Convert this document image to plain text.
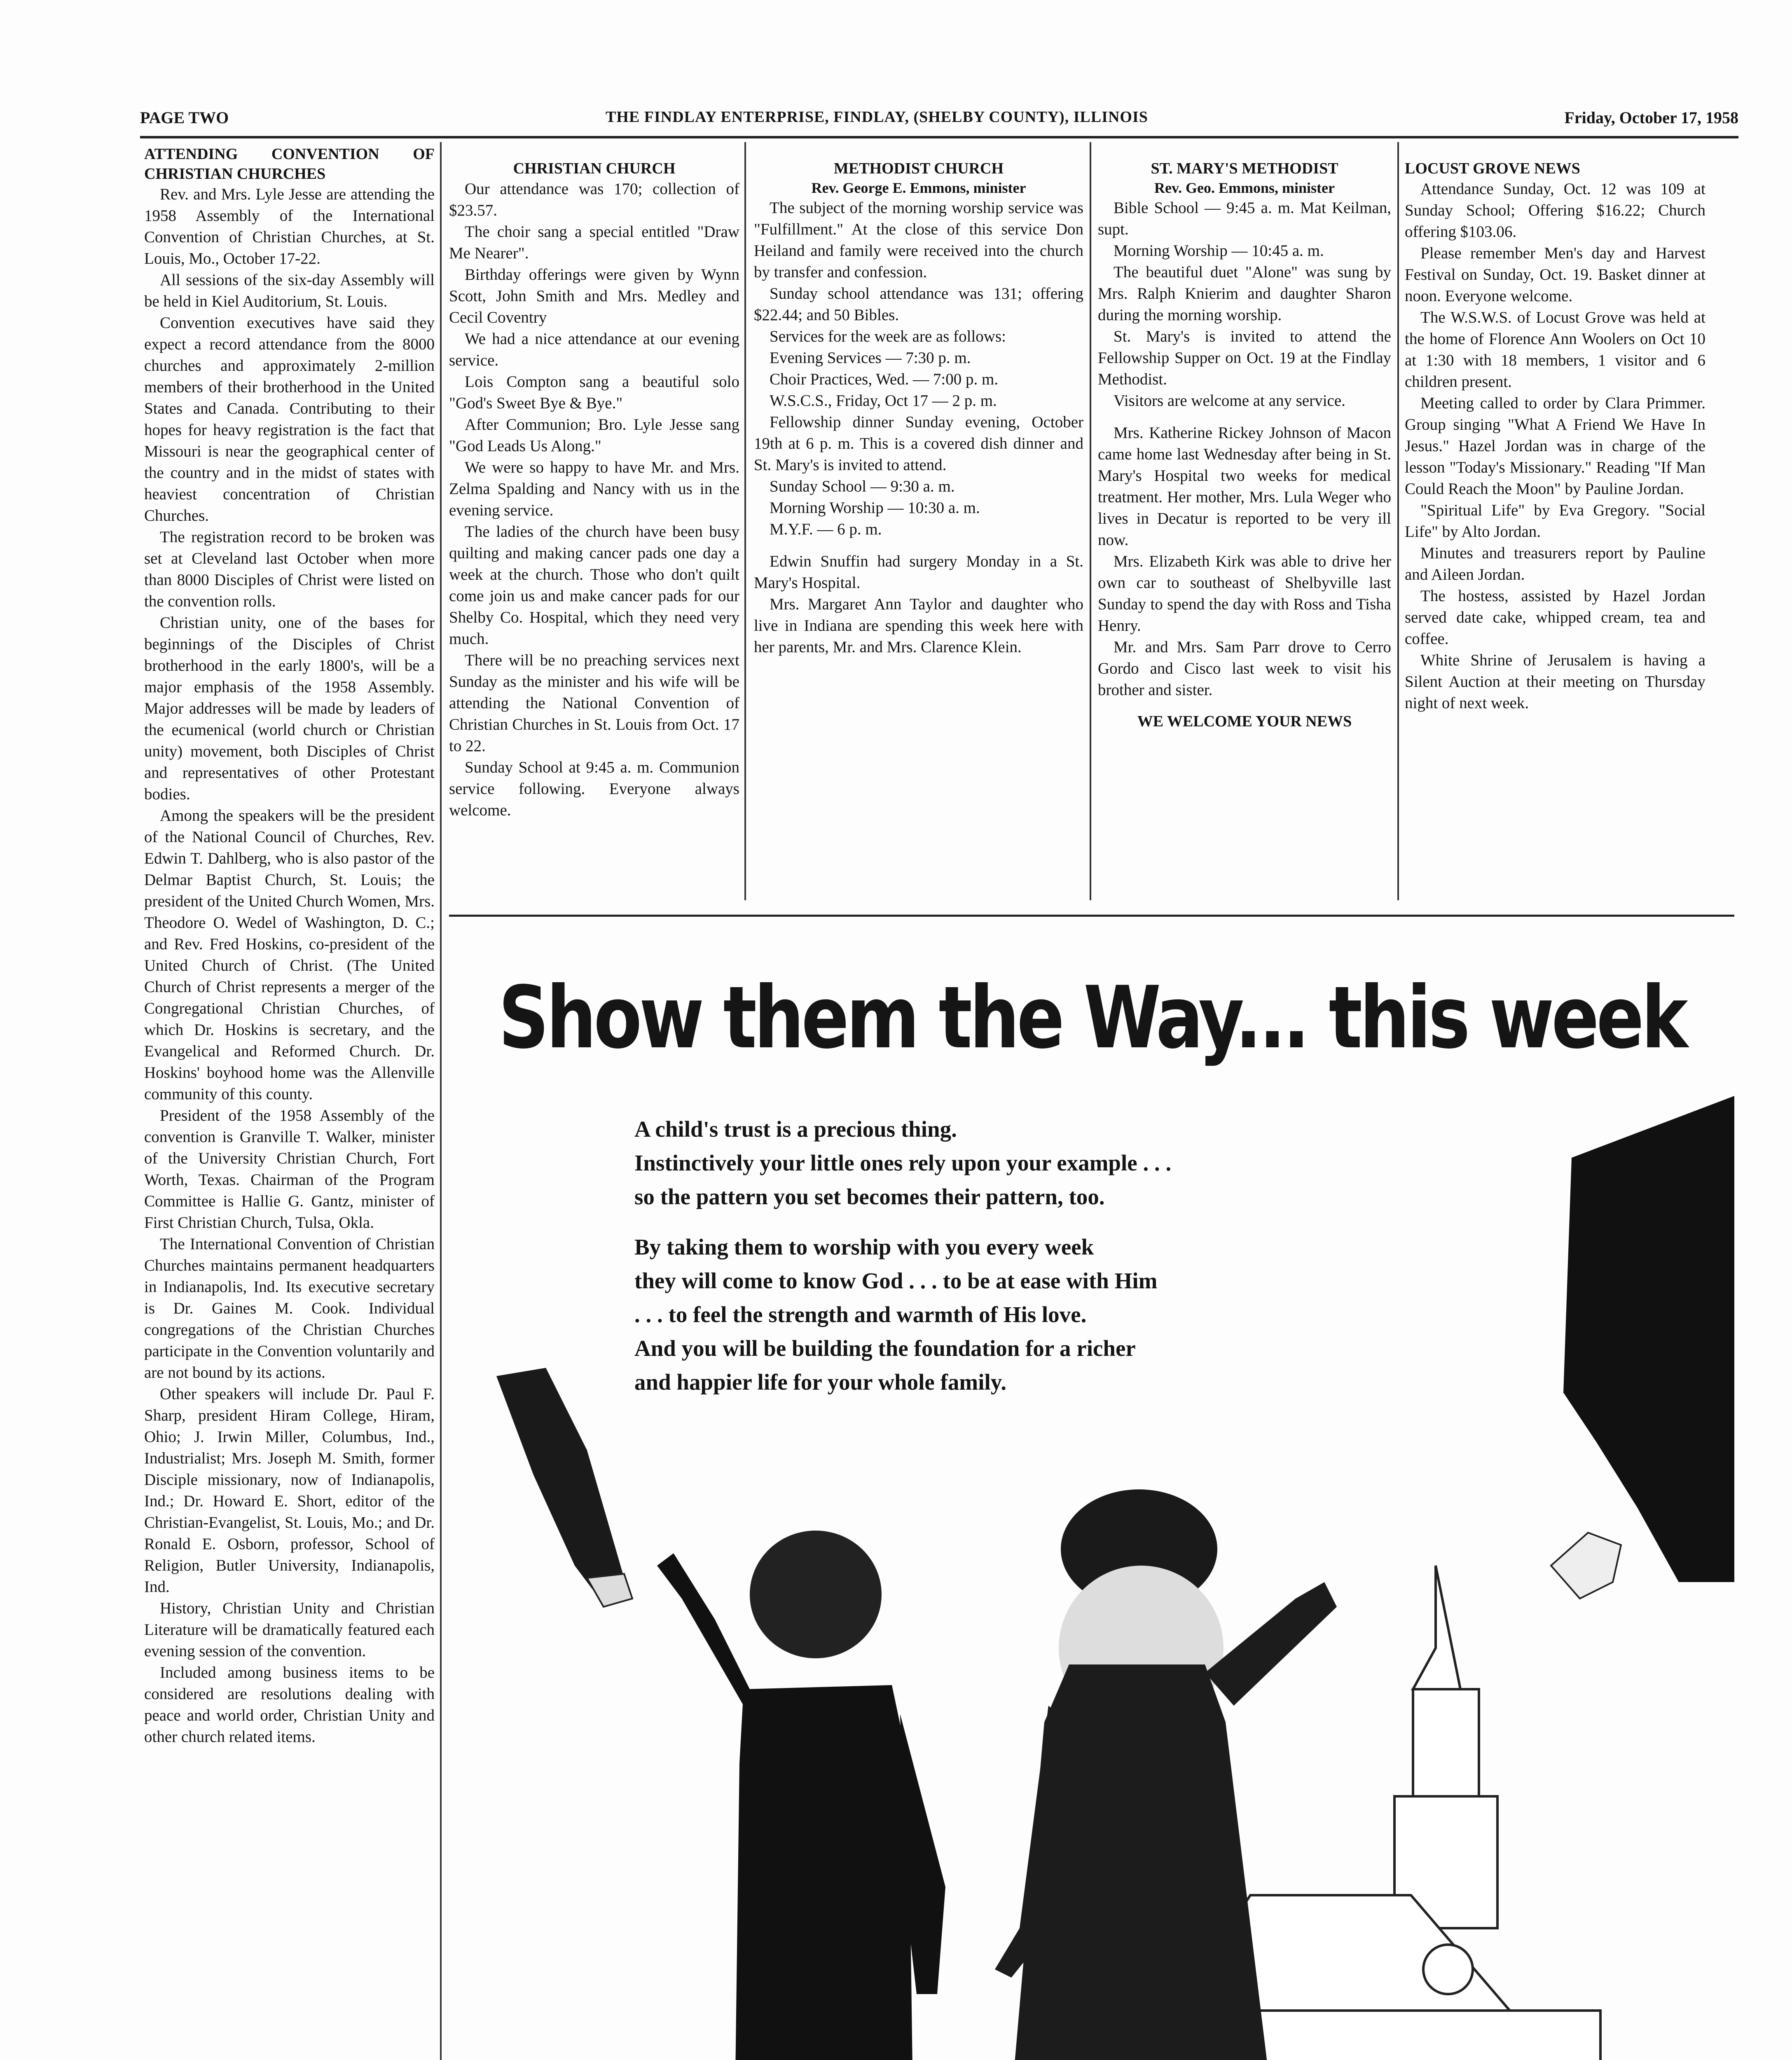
PAGE TWO	THE FINDLAY ENTERPRISE, FINDLAY, (SHELBY COUNTY), ILLINOIS	Friday, October 17, 1958

ATTENDING CONVENTION OF CHRISTIAN CHURCHES

Rev. and Mrs. Lyle Jesse are attending the 1958 Assembly of the International Convention of Christian Churches, at St. Louis, Mo., October 17-22.

All sessions of the six-day Assembly will be held in Kiel Auditorium, St. Louis.

Convention executives have said they expect a record attendance from the 8000 churches and approximately 2-million members of their brotherhood in the United States and Canada. Contributing to their hopes for heavy registration is the fact that Missouri is near the geographical center of the country and in the midst of states with heaviest concentration of Christian Churches.

The registration record to be broken was set at Cleveland last October when more than 8000 Disciples of Christ were listed on the convention rolls.

Christian unity, one of the bases for beginnings of the Disciples of Christ brotherhood in the early 1800's, will be a major emphasis of the 1958 Assembly. Major addresses will be made by leaders of the ecumenical (world church or Christian unity) movement, both Disciples of Christ and representatives of other Protestant bodies.

Among the speakers will be the president of the National Council of Churches, Rev. Edwin T. Dahlberg, who is also pastor of the Delmar Baptist Church, St. Louis; the president of the United Church Women, Mrs. Theodore O. Wedel of Washington, D. C.; and Rev. Fred Hoskins, co-president of the United Church of Christ. (The United Church of Christ represents a merger of the Congregational Christian Churches, of which Dr. Hoskins is secretary, and the Evangelical and Reformed Church. Dr. Hoskins' boyhood home was the Allenville community of this county.

President of the 1958 Assembly of the convention is Granville T. Walker, minister of the University Christian Church, Fort Worth, Texas. Chairman of the Program Committee is Hallie G. Gantz, minister of First Christian Church, Tulsa, Okla.

The International Convention of Christian Churches maintains permanent headquarters in Indianapolis, Ind. Its executive secretary is Dr. Gaines M. Cook. Individual congregations of the Christian Churches participate in the Convention voluntarily and are not bound by its actions.

Other speakers will include Dr. Paul F. Sharp, president Hiram College, Hiram, Ohio; J. Irwin Miller, Columbus, Ind., Industrialist; Mrs. Joseph M. Smith, former Disciple missionary, now of Indianapolis, Ind.; Dr. Howard E. Short, editor of the Christian-Evangelist, St. Louis, Mo.; and Dr. Ronald E. Osborn, professor, School of Religion, Butler University, Indianapolis, Ind.

History, Christian Unity and Christian Literature will be dramatically featured each evening session of the convention.

Included among business items to be considered are resolutions dealing with peace and world order, Christian Unity and other church related items.

CHRISTIAN CHURCH

Our attendance was 170; collection of $23.57.

The choir sang a special entitled "Draw Me Nearer".

Birthday offerings were given by Wynn Scott, John Smith and Mrs. Medley and Cecil Coventry

We had a nice attendance at our evening service.

Lois Compton sang a beautiful solo "God's Sweet Bye & Bye."

After Communion; Bro. Lyle Jesse sang "God Leads Us Along."

We were so happy to have Mr. and Mrs. Zelma Spalding and Nancy with us in the evening service.

The ladies of the church have been busy quilting and making cancer pads one day a week at the church. Those who don't quilt come join us and make cancer pads for our Shelby Co. Hospital, which they need very much.

There will be no preaching services next Sunday as the minister and his wife will be attending the National Convention of Christian Churches in St. Louis from Oct. 17 to 22.

Sunday School at 9:45 a. m. Communion service following. Everyone always welcome.

METHODIST CHURCH

Rev. George E. Emmons, minister

The subject of the morning worship service was "Fulfillment." At the close of this service Don Heiland and family were received into the church by transfer and confession.

Sunday school attendance was 131; offering $22.44; and 50 Bibles.

Services for the week are as follows:

Evening Services — 7:30 p. m.

Choir Practices, Wed. — 7:00 p. m.

W.S.C.S., Friday, Oct 17 — 2 p. m.

Fellowship dinner Sunday evening, October 19th at 6 p. m. This is a covered dish dinner and St. Mary's is invited to attend.

Sunday School — 9:30 a. m.

Morning Worship — 10:30 a. m.

M.Y.F. — 6 p. m.

Edwin Snuffin had surgery Monday in a St. Mary's Hospital.

Mrs. Margaret Ann Taylor and daughter who live in Indiana are spending this week here with her parents, Mr. and Mrs. Clarence Klein.

ST. MARY'S METHODIST

Rev. Geo. Emmons, minister

Bible School — 9:45 a. m. Mat Keilman, supt.

Morning Worship — 10:45 a. m.

The beautiful duet "Alone" was sung by Mrs. Ralph Knierim and daughter Sharon during the morning worship.

St. Mary's is invited to attend the Fellowship Supper on Oct. 19 at the Findlay Methodist.

Visitors are welcome at any service.

Mrs. Katherine Rickey Johnson of Macon came home last Wednesday after being in St. Mary's Hospital two weeks for medical treatment. Her mother, Mrs. Lula Weger who lives in Decatur is reported to be very ill now.

Mrs. Elizabeth Kirk was able to drive her own car to southeast of Shelbyville last Sunday to spend the day with Ross and Tisha Henry.

Mr. and Mrs. Sam Parr drove to Cerro Gordo and Cisco last week to visit his brother and sister.

WE WELCOME YOUR NEWS

LOCUST GROVE NEWS

Attendance Sunday, Oct. 12 was 109 at Sunday School; Offering $16.22; Church offering $103.06.

Please remember Men's day and Harvest Festival on Sunday, Oct. 19. Basket dinner at noon. Everyone welcome.

The W.S.W.S. of Locust Grove was held at the home of Florence Ann Woolers on Oct 10 at 1:30 with 18 members, 1 visitor and 6 children present.

Meeting called to order by Clara Primmer. Group singing "What A Friend We Have In Jesus." Hazel Jordan was in charge of the lesson "Today's Missionary." Reading "If Man Could Reach the Moon" by Pauline Jordan.

"Spiritual Life" by Eva Gregory. "Social Life" by Alto Jordan.

Minutes and treasurers report by Pauline and Aileen Jordan.

The hostess, assisted by Hazel Jordan served date cake, whipped cream, tea and coffee.

White Shrine of Jerusalem is having a Silent Auction at their meeting on Thursday night of next week.

Show them the Way... this week
A child's trust is a precious thing.
Instinctively your little ones rely upon your example . . .
so the pattern you set becomes their pattern, too.
By taking them to worship with you every week
they will come to know God . . . to be at ease with Him
. . . to feel the strength and warmth of His love.
And you will be building the foundation for a richer
and happier life for your whole family.
